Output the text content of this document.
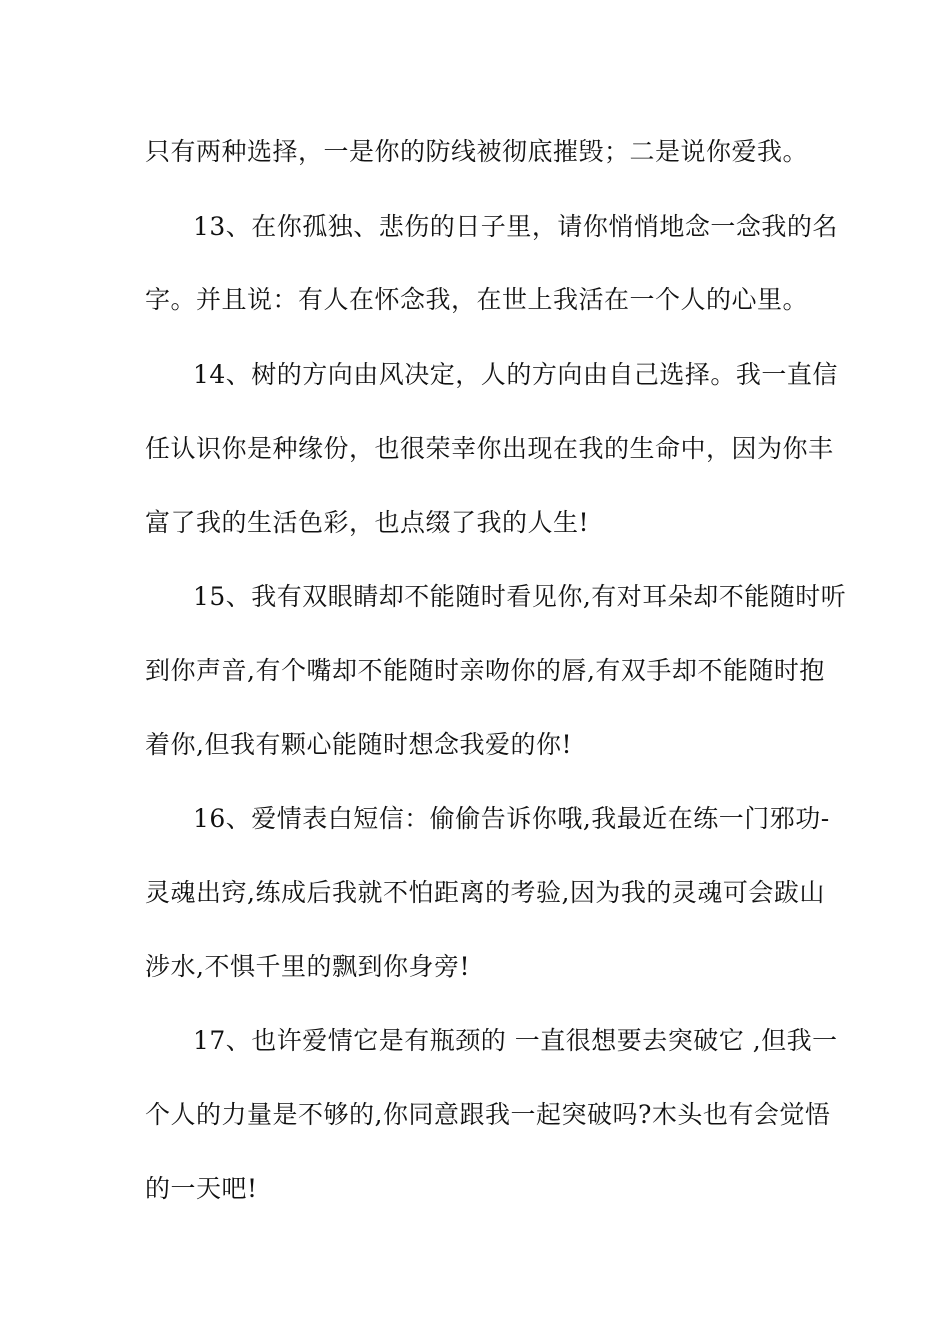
只有两种选择，一是你的防线被彻底摧毁；二是说你爱我。
13、在你孤独、悲伤的日子里，请你悄悄地念一念我的名
字。并且说：有人在怀念我，在世上我活在一个人的心里。
14、树的方向由风决定，人的方向由自己选择。我一直信
任认识你是种缘份，也很荣幸你出现在我的生命中，因为你丰
富了我的生活色彩，也点缀了我的人生!
15、我有双眼睛却不能随时看见你,有对耳朵却不能随时听
到你声音,有个嘴却不能随时亲吻你的唇,有双手却不能随时抱
着你,但我有颗心能随时想念我爱的你!
16、爱情表白短信：偷偷告诉你哦,我最近在练一门邪功-
灵魂出窍,练成后我就不怕距离的考验,因为我的灵魂可会跋山
涉水,不惧千里的飘到你身旁!
17、也许爱情它是有瓶颈的 一直很想要去突破它 ,但我一
个人的力量是不够的,你同意跟我一起突破吗?木头也有会觉悟
的一天吧!
